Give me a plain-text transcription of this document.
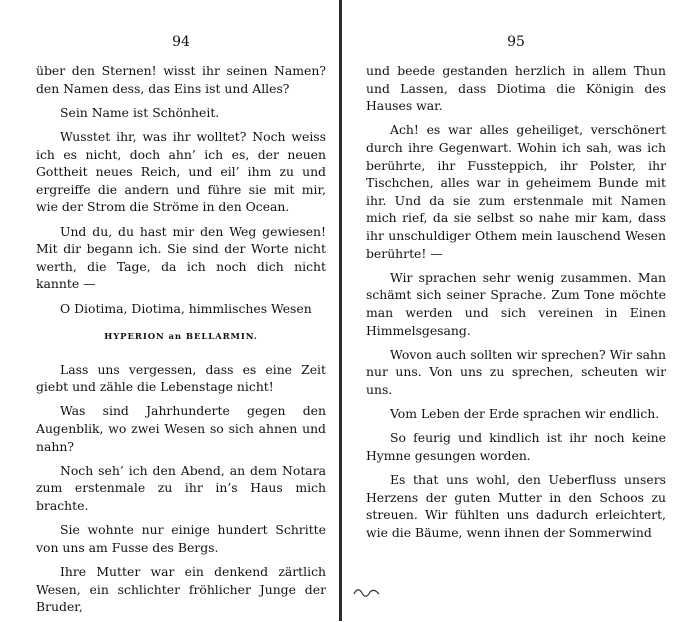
94

über den Sternen! wisst ihr seinen Namen? den Namen dess, das Eins ist und Alles?

Sein Name ist Schönheit.

Wusstet ihr, was ihr wolltet? Noch weiss ich es nicht, doch ahn’ ich es, der neuen Gottheit neues Reich, und eil’ ihm zu und ergreiffe die andern und führe sie mit mir, wie der Strom die Ströme in den Ocean.

Und du, du hast mir den Weg gewiesen! Mit dir begann ich. Sie sind der Worte nicht werth, die Tage, da ich noch dich nicht kannte —

O Diotima, Diotima, himmlisches Wesen

HYPERION an BELLARMIN.

Lass uns vergessen, dass es eine Zeit giebt und zähle die Lebenstage nicht!

Was sind Jahrhunderte gegen den Augenblik, wo zwei Wesen so sich ahnen und nahn?

Noch seh’ ich den Abend, an dem Notara zum erstenmale zu ihr in’s Haus mich brachte.

Sie wohnte nur einige hundert Schritte von uns am Fusse des Bergs.

Ihre Mutter war ein denkend zärtlich Wesen, ein schlichter fröhlicher Junge der Bruder,

95

und beede gestanden herzlich in allem Thun und Lassen, dass Diotima die Königin des Hauses war.

Ach! es war alles geheiliget, verschönert durch ihre Gegenwart. Wohin ich sah, was ich berührte, ihr Fussteppich, ihr Polster, ihr Tischchen, alles war in geheimem Bunde mit ihr. Und da sie zum erstenmale mit Namen mich rief, da sie selbst so nahe mir kam, dass ihr unschuldiger Othem mein lauschend Wesen berührte! —

Wir sprachen sehr wenig zusammen. Man schämt sich seiner Sprache. Zum Tone möchte man werden und sich vereinen in Einen Himmelsgesang.

Wovon auch sollten wir sprechen? Wir sahn nur uns. Von uns zu sprechen, scheuten wir uns.

Vom Leben der Erde sprachen wir endlich.

So feurig und kindlich ist ihr noch keine Hymne gesungen worden.

Es that uns wohl, den Ueberfluss unsers Herzens der guten Mutter in den Schoos zu streuen. Wir fühlten uns dadurch erleichtert, wie die Bäume, wenn ihnen der Sommerwind
